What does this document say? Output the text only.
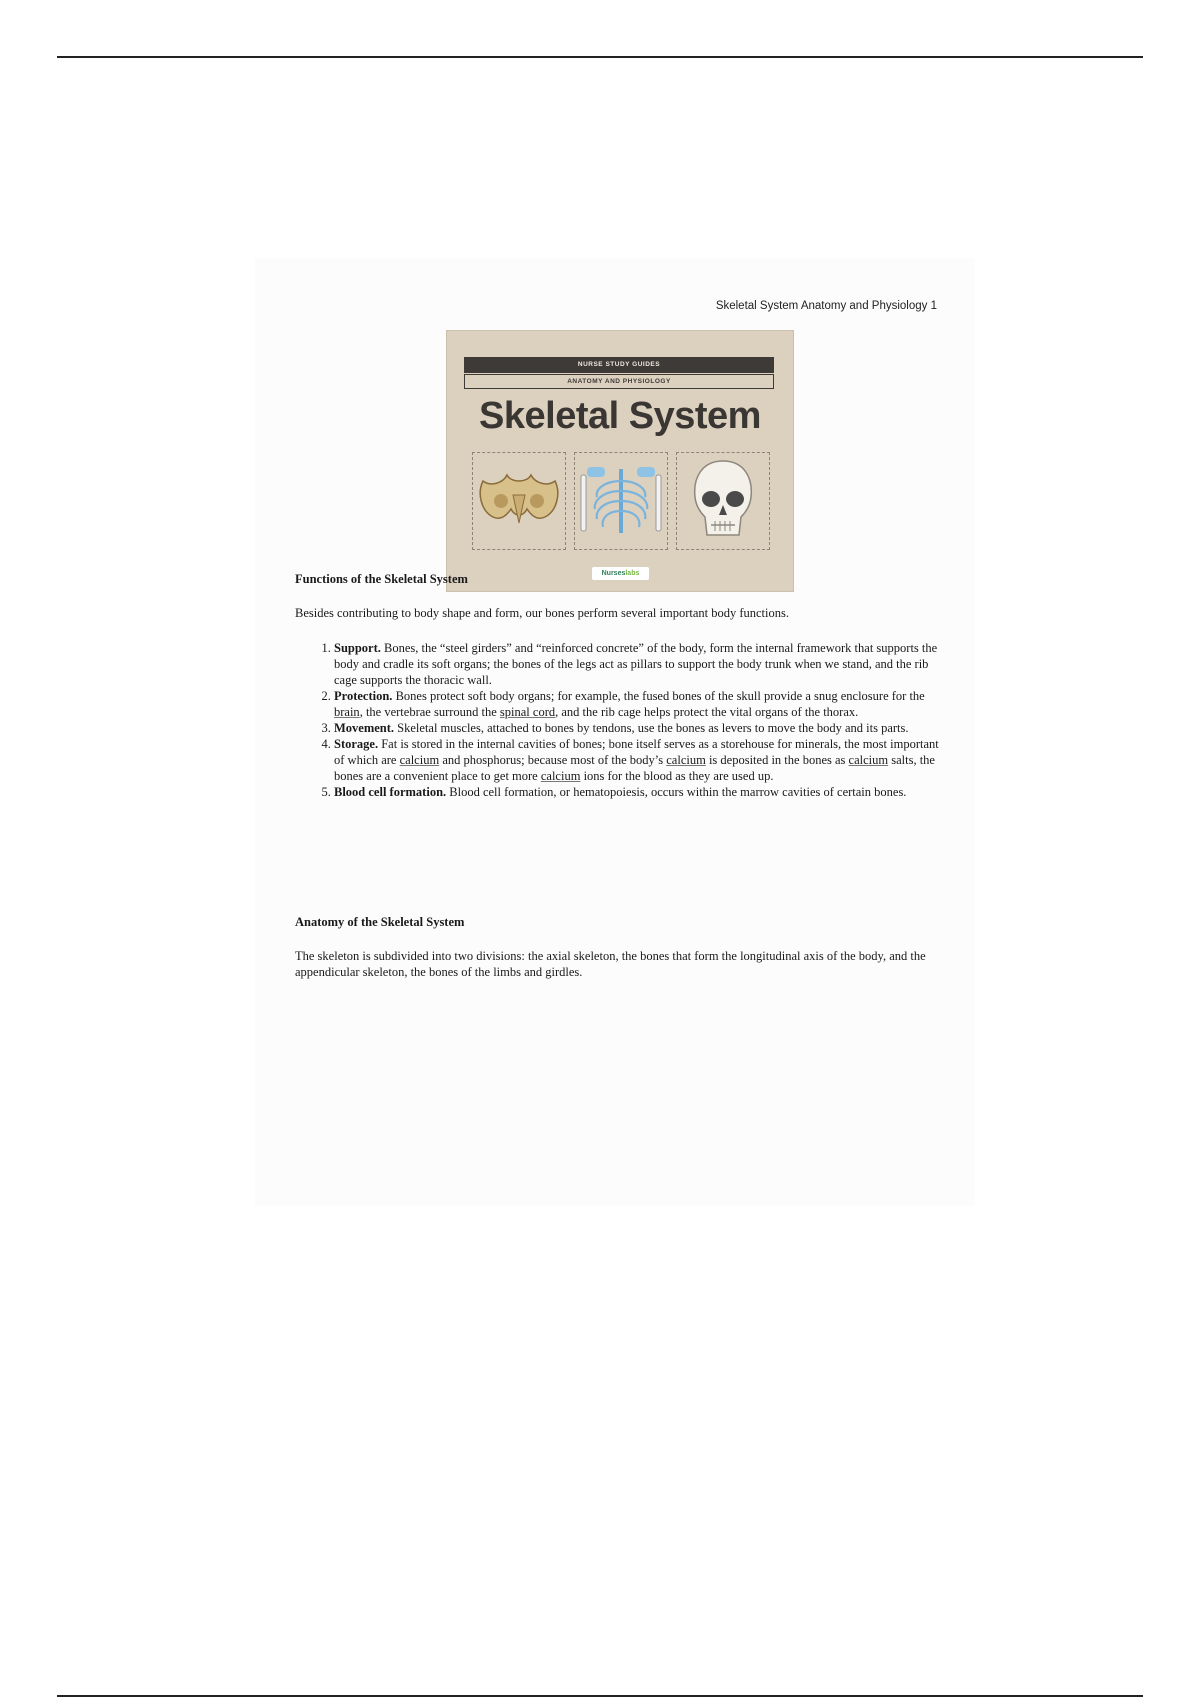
Skeletal System Anatomy and Physiology 1
NURSE STUDY GUIDES
ANATOMY AND PHYSIOLOGY
Skeletal System
Nurseslabs
Functions of the Skeletal System
Besides contributing to body shape and form, our bones perform several important body functions.
1. Support. Bones, the “steel girders” and “reinforced concrete” of the body, form the internal framework that supports the body and cradle its soft organs; the bones of the legs act as pillars to support the body trunk when we stand, and the rib cage supports the thoracic wall.
2. Protection. Bones protect soft body organs; for example, the fused bones of the skull provide a snug enclosure for the brain, the vertebrae surround the spinal cord, and the rib cage helps protect the vital organs of the thorax.
3. Movement. Skeletal muscles, attached to bones by tendons, use the bones as levers to move the body and its parts.
4. Storage. Fat is stored in the internal cavities of bones; bone itself serves as a storehouse for minerals, the most important of which are calcium and phosphorus; because most of the body’s calcium is deposited in the bones as calcium salts, the bones are a convenient place to get more calcium ions for the blood as they are used up.
5. Blood cell formation. Blood cell formation, or hematopoiesis, occurs within the marrow cavities of certain bones.
Anatomy of the Skeletal System
The skeleton is subdivided into two divisions: the axial skeleton, the bones that form the longitudinal axis of the body, and the appendicular skeleton, the bones of the limbs and girdles.
